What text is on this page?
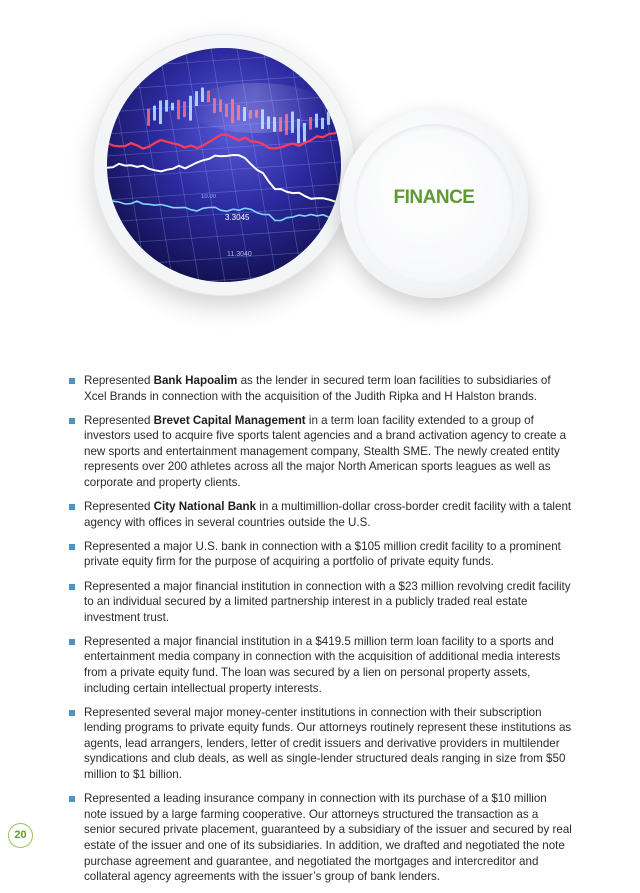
3.3045
11.3040
10.00	FINANCE
Represented Bank Hapoalim as the lender in secured term loan facilities to subsidiaries of Xcel Brands in connection with the acquisition of the Judith Ripka and H Halston brands.
Represented Brevet Capital Management in a term loan facility extended to a group of investors used to acquire five sports talent agencies and a brand activation agency to create a new sports and entertainment management company, Stealth SME. The newly created entity represents over 200 athletes across all the major North American sports leagues as well as corporate and property clients.
Represented City National Bank in a multimillion-dollar cross-border credit facility with a talent agency with offices in several countries outside the U.S.
Represented a major U.S. bank in connection with a $105 million credit facility to a prominent private equity firm for the purpose of acquiring a portfolio of private equity funds.
Represented a major financial institution in connection with a $23 million revolving credit facility to an individual secured by a limited partnership interest in a publicly traded real estate investment trust.
Represented a major financial institution in a $419.5 million term loan facility to a sports and entertainment media company in connection with the acquisition of additional media interests from a private equity fund. The loan was secured by a lien on personal property assets, including certain intellectual property interests.
Represented several major money-center institutions in connection with their subscription lending programs to private equity funds. Our attorneys routinely represent these institutions as agents, lead arrangers, lenders, letter of credit issuers and derivative providers in multilender syndications and club deals, as well as single-lender structured deals ranging in size from $50 million to $1 billion.
Represented a leading insurance company in connection with its purchase of a $10 million note issued by a large farming cooperative. Our attorneys structured the transaction as a senior secured private placement, guaranteed by a subsidiary of the issuer and secured by real estate of the issuer and one of its subsidiaries. In addition, we drafted and negotiated the note purchase agreement and guarantee, and negotiated the mortgages and intercreditor and collateral agency agreements with the issuer’s group of bank lenders.
20
